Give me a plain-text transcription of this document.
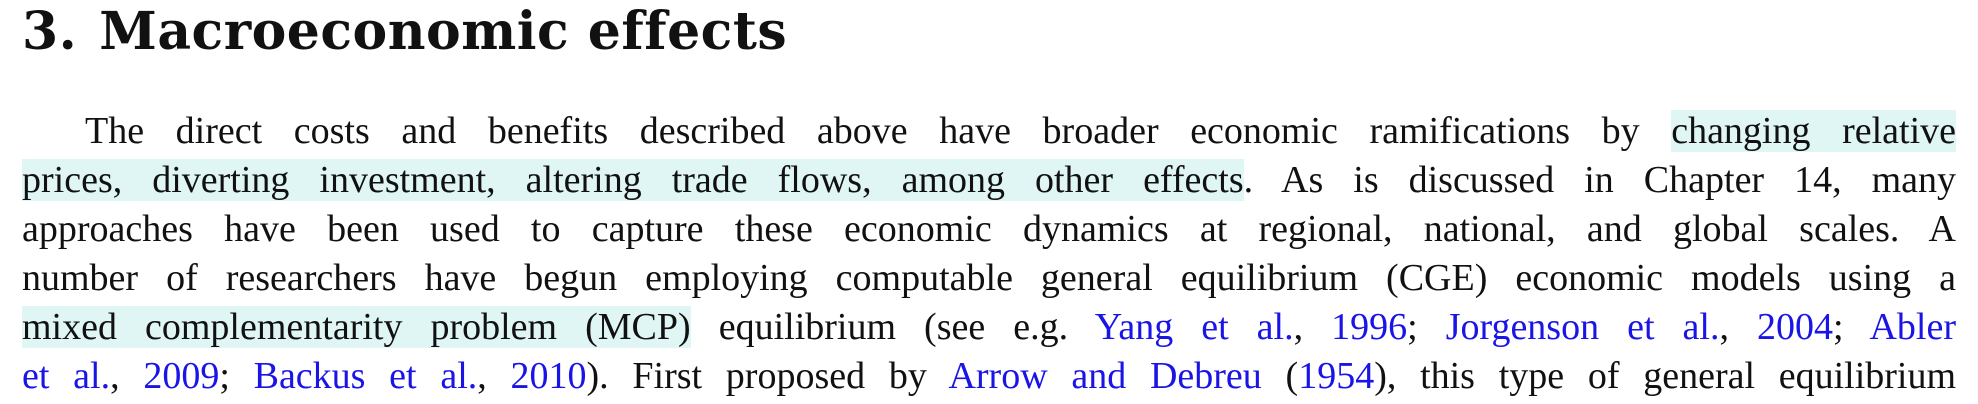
3. Macroeconomic effects
The direct costs and benefits described above have broader economic ramifications by changing relative
prices, diverting investment, altering trade flows, among other effects. As is discussed in Chapter 14, many
approaches have been used to capture these economic dynamics at regional, national, and global scales. A
number of researchers have begun employing computable general equilibrium (CGE) economic models using a
mixed complementarity problem (MCP) equilibrium (see e.g. Yang et al., 1996; Jorgenson et al., 2004; Abler
et al., 2009; Backus et al., 2010). First proposed by Arrow and Debreu (1954), this type of general equilibrium
